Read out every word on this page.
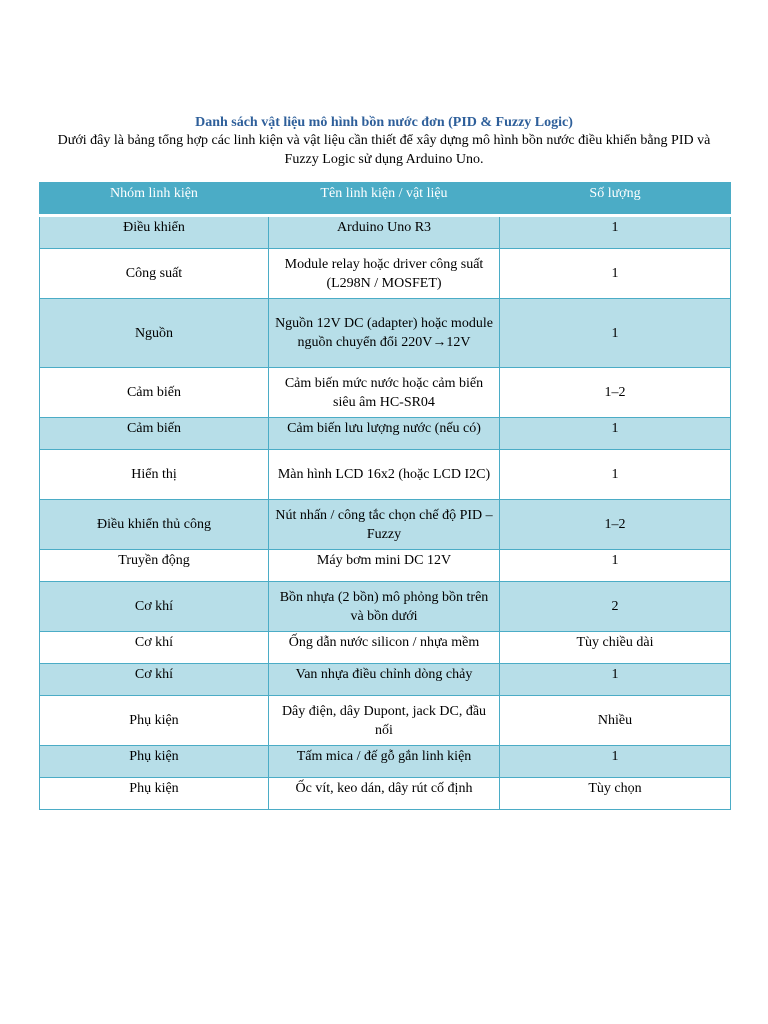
Danh sách vật liệu mô hình bồn nước đơn (PID & Fuzzy Logic)
Dưới đây là bảng tổng hợp các linh kiện và vật liệu cần thiết để xây dựng mô hình bồn nước điều khiển bằng PID và Fuzzy Logic sử dụng Arduino Uno.
Nhóm linh kiện	Tên linh kiện / vật liệu	Số lượng
Điều khiển	Arduino Uno R3	1
Công suất	Module relay hoặc driver công suất (L298N / MOSFET)	1
Nguồn	Nguồn 12V DC (adapter) hoặc module nguồn chuyển đổi 220V→12V	1
Cảm biến	Cảm biến mức nước hoặc cảm biến siêu âm HC-SR04	1–2
Cảm biến	Cảm biến lưu lượng nước (nếu có)	1
Hiển thị	Màn hình LCD 16x2 (hoặc LCD I2C)	1
Điều khiển thủ công	Nút nhấn / công tắc chọn chế độ PID – Fuzzy	1–2
Truyền động	Máy bơm mini DC 12V	1
Cơ khí	Bồn nhựa (2 bồn) mô phỏng bồn trên và bồn dưới	2
Cơ khí	Ống dẫn nước silicon / nhựa mềm	Tùy chiều dài
Cơ khí	Van nhựa điều chỉnh dòng chảy	1
Phụ kiện	Dây điện, dây Dupont, jack DC, đầu nối	Nhiều
Phụ kiện	Tấm mica / đế gỗ gắn linh kiện	1
Phụ kiện	Ốc vít, keo dán, dây rút cố định	Tùy chọn
